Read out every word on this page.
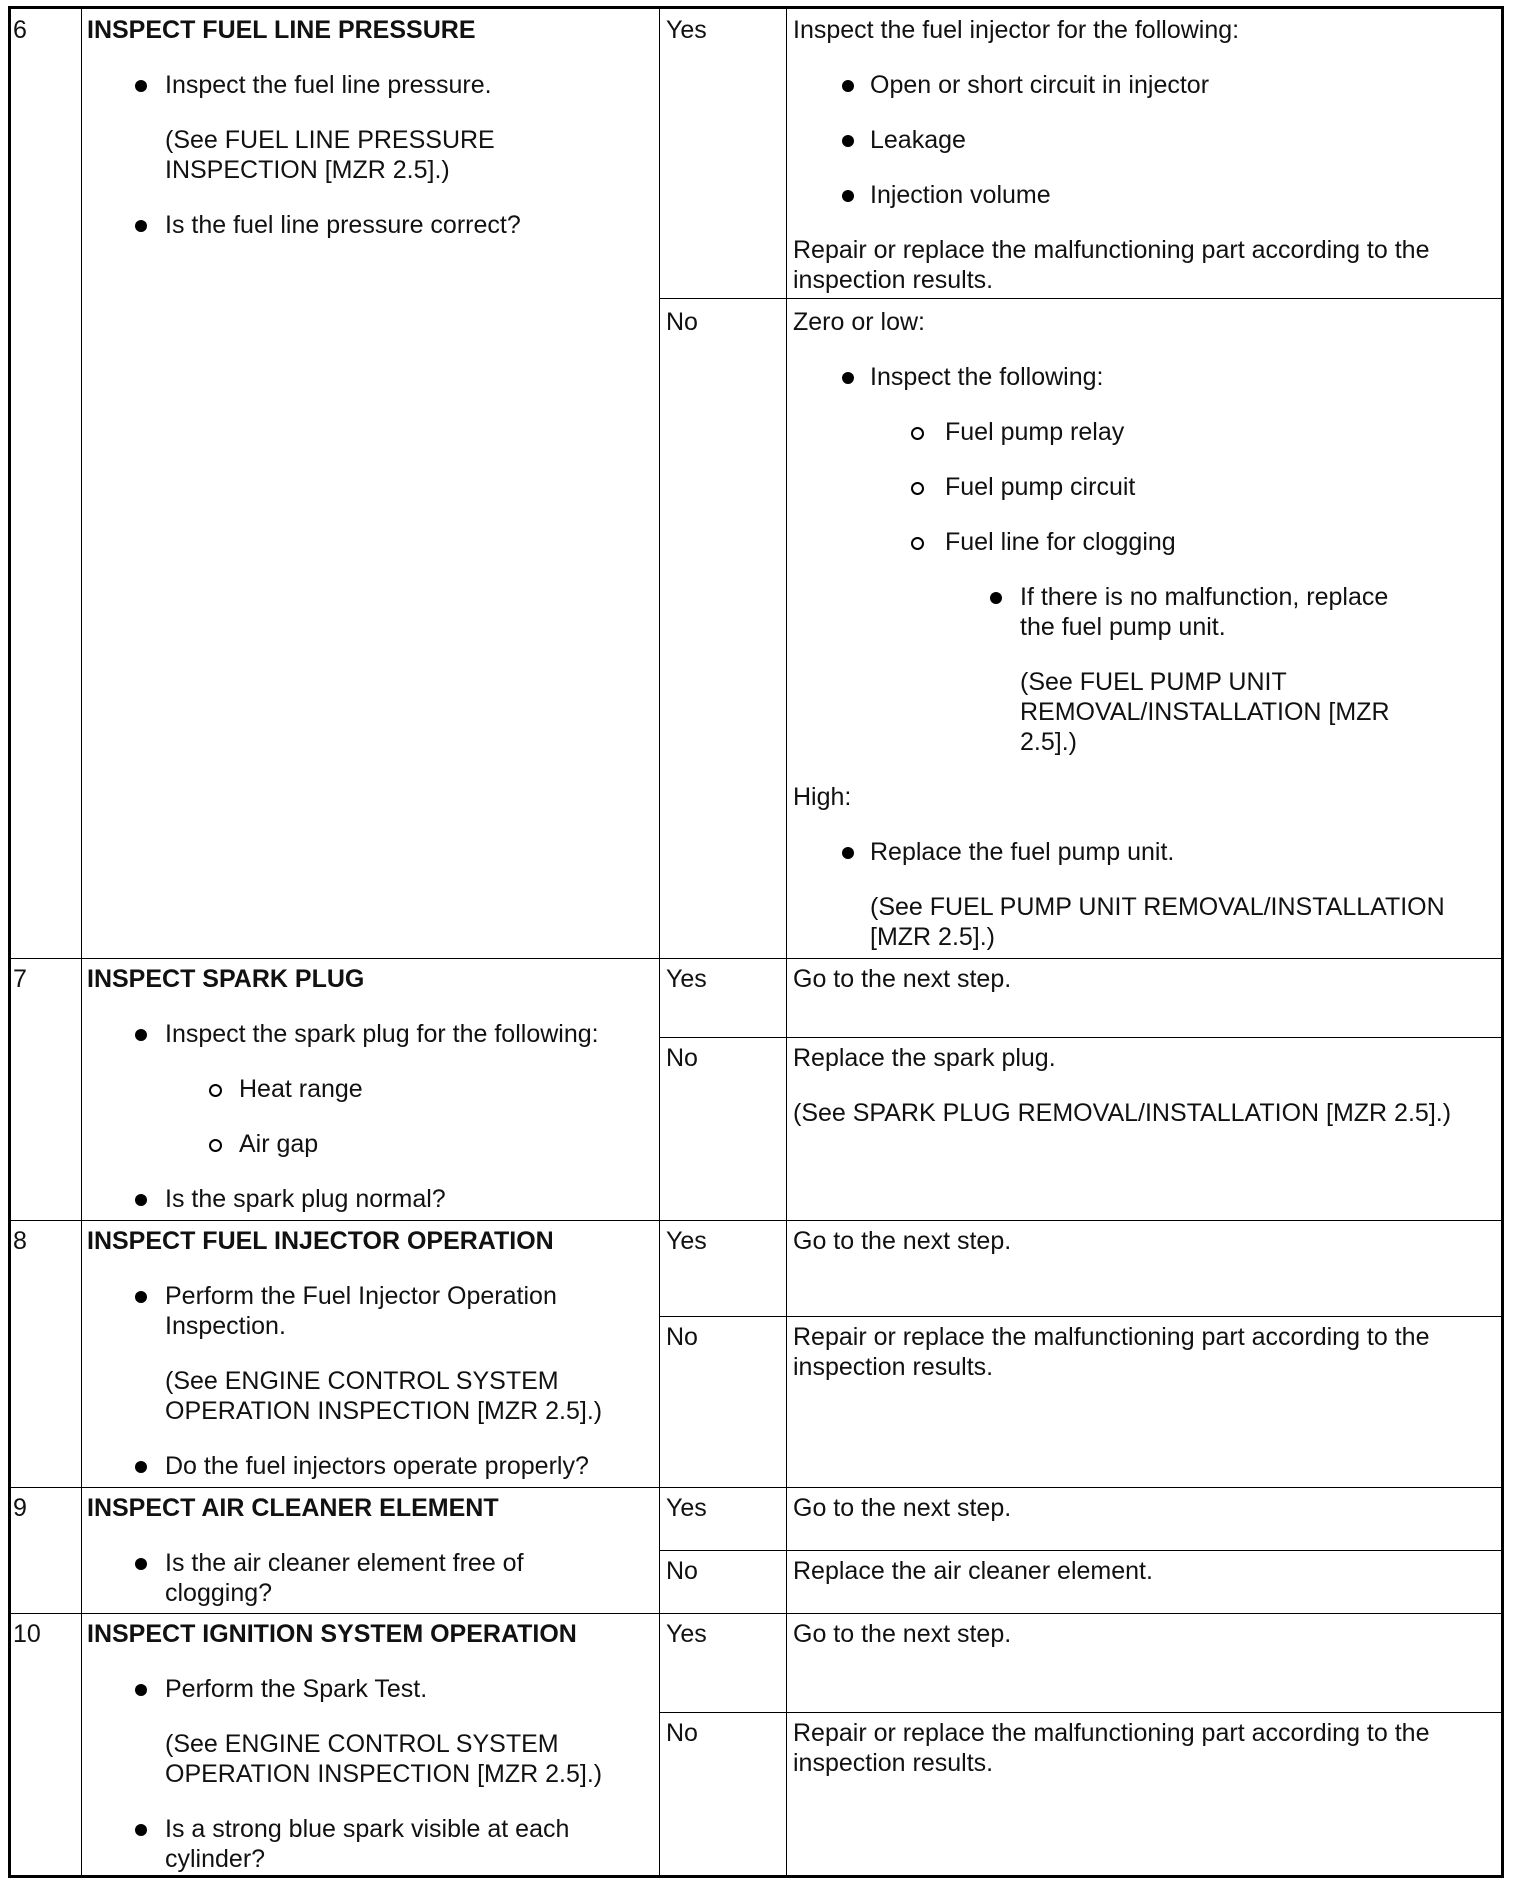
6 INSPECT FUEL LINE PRESSURE
Inspect the fuel line pressure.
(See FUEL LINE PRESSURE
INSPECTION [MZR 2.5].)
Is the fuel line pressure correct?
Yes	Inspect the fuel injector for the following:
Open or short circuit in injector
Leakage
Injection volume
Repair or replace the malfunctioning part according to the
inspection results.
No	Zero or low:
Inspect the following:
Fuel pump relay
Fuel pump circuit
Fuel line for clogging
If there is no malfunction, replace
the fuel pump unit.
(See FUEL PUMP UNIT
REMOVAL/INSTALLATION [MZR
2.5].)
High:
Replace the fuel pump unit.
(See FUEL PUMP UNIT REMOVAL/INSTALLATION
[MZR 2.5].)
7 INSPECT SPARK PLUG
Inspect the spark plug for the following:
Heat range
Air gap
Is the spark plug normal?
Yes	Go to the next step.
No	Replace the spark plug.
(See SPARK PLUG REMOVAL/INSTALLATION [MZR 2.5].)
8 INSPECT FUEL INJECTOR OPERATION
Perform the Fuel Injector Operation
Inspection.
(See ENGINE CONTROL SYSTEM
OPERATION INSPECTION [MZR 2.5].)
Do the fuel injectors operate properly?
Yes	Go to the next step.
No	Repair or replace the malfunctioning part according to the
inspection results.
9 INSPECT AIR CLEANER ELEMENT
Is the air cleaner element free of
clogging?
Yes	Go to the next step.
No	Replace the air cleaner element.
10 INSPECT IGNITION SYSTEM OPERATION
Perform the Spark Test.
(See ENGINE CONTROL SYSTEM
OPERATION INSPECTION [MZR 2.5].)
Is a strong blue spark visible at each
cylinder?
Yes	Go to the next step.
No	Repair or replace the malfunctioning part according to the
inspection results.
